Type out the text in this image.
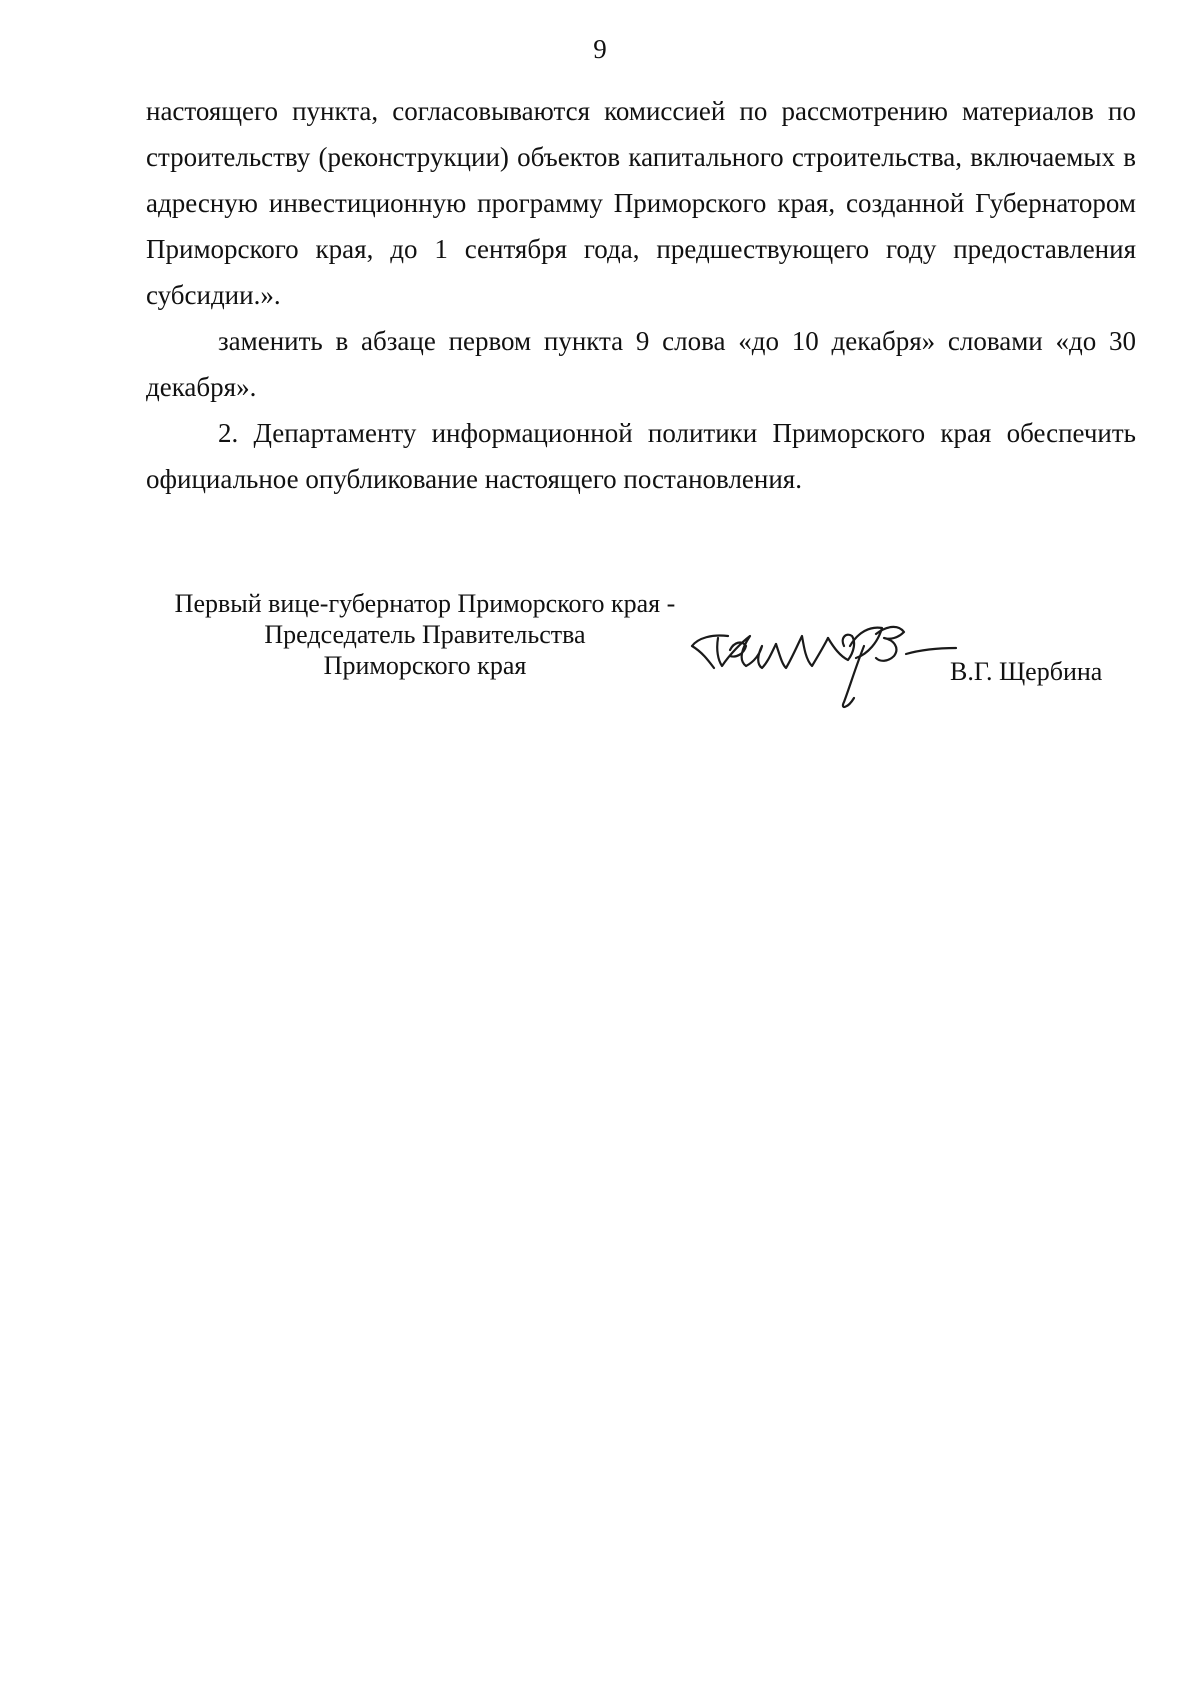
9

настоящего пункта, согласовываются комиссией по рассмотрению материалов по строительству (реконструкции) объектов капитального строительства, включаемых в адресную инвестиционную программу Приморского края, созданной Губернатором Приморского края, до 1 сентября года, предшествующего году предоставления субсидии.».

заменить в абзаце первом пункта 9 слова «до 10 декабря» словами «до 30 декабря».

2. Департаменту информационной политики Приморского края обеспечить официальное опубликование настоящего постановления.

Первый вице-губернатор Приморского края -
Председатель Правительства
Приморского края	В.Г. Щербина
